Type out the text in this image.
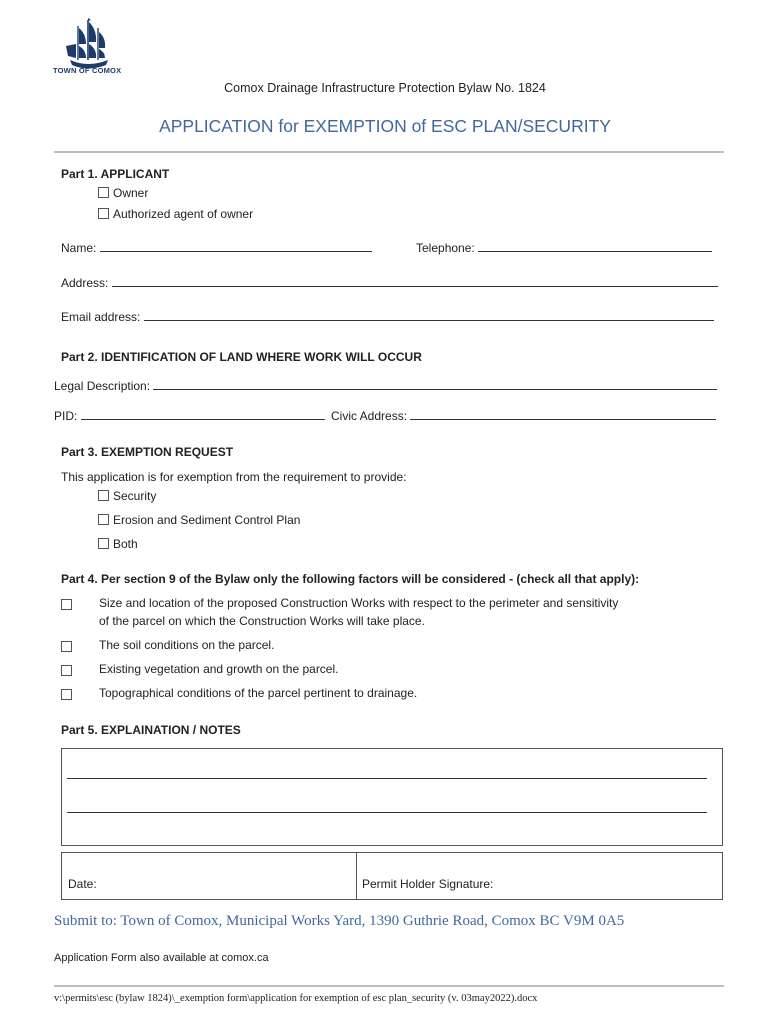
TOWN OF COMOX
Comox Drainage Infrastructure Protection Bylaw No. 1824
APPLICATION for EXEMPTION of ESC PLAN/SECURITY
Part 1. APPLICANT
Owner
Authorized agent of owner
Name:	Telephone:
Address:
Email address:
Part 2. IDENTIFICATION OF LAND WHERE WORK WILL OCCUR
Legal Description:
PID:	Civic Address:
Part 3. EXEMPTION REQUEST
This application is for exemption from the requirement to provide:
Security
Erosion and Sediment Control Plan
Both
Part 4. Per section 9 of the Bylaw only the following factors will be considered - (check all that apply):
Size and location of the proposed Construction Works with respect to the perimeter and sensitivity
of the parcel on which the Construction Works will take place.
The soil conditions on the parcel.
Existing vegetation and growth on the parcel.
Topographical conditions of the parcel pertinent to drainage.
Part 5. EXPLAINATION / NOTES
Date:	Permit Holder Signature:
Submit to: Town of Comox, Municipal Works Yard, 1390 Guthrie Road, Comox BC V9M 0A5
Application Form also available at comox.ca
v:\permits\esc (bylaw 1824)\_exemption form\application for exemption of esc plan_security (v. 03may2022).docx
